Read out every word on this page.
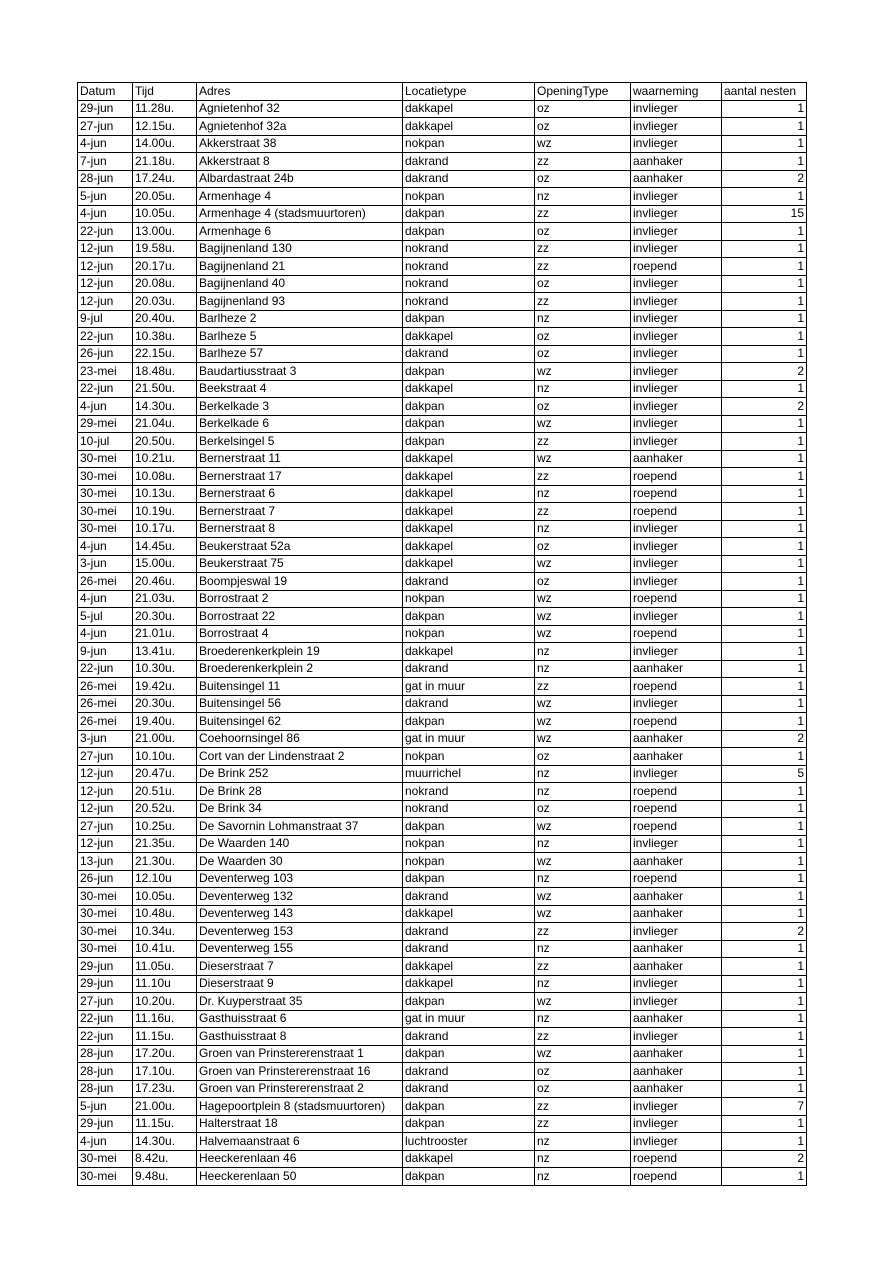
Datum	Tijd	Adres	Locatietype	OpeningType	waarneming	aantal nesten
29-jun	11.28u.	Agnietenhof 32	dakkapel	oz	invlieger	1
27-jun	12.15u.	Agnietenhof 32a	dakkapel	oz	invlieger	1
4-jun	14.00u.	Akkerstraat 38	nokpan	wz	invlieger	1
7-jun	21.18u.	Akkerstraat 8	dakrand	zz	aanhaker	1
28-jun	17.24u.	Albardastraat 24b	dakrand	oz	aanhaker	2
5-jun	20.05u.	Armenhage 4	nokpan	nz	invlieger	1
4-jun	10.05u.	Armenhage 4 (stadsmuurtoren)	dakpan	zz	invlieger	15
22-jun	13.00u.	Armenhage 6	dakpan	oz	invlieger	1
12-jun	19.58u.	Bagijnenland 130	nokrand	zz	invlieger	1
12-jun	20.17u.	Bagijnenland 21	nokrand	zz	roepend	1
12-jun	20.08u.	Bagijnenland 40	nokrand	oz	invlieger	1
12-jun	20.03u.	Bagijnenland 93	nokrand	zz	invlieger	1
9-jul	20.40u.	Barlheze 2	dakpan	nz	invlieger	1
22-jun	10.38u.	Barlheze 5	dakkapel	oz	invlieger	1
26-jun	22.15u.	Barlheze 57	dakrand	oz	invlieger	1
23-mei	18.48u.	Baudartiusstraat 3	dakpan	wz	invlieger	2
22-jun	21.50u.	Beekstraat 4	dakkapel	nz	invlieger	1
4-jun	14.30u.	Berkelkade 3	dakpan	oz	invlieger	2
29-mei	21.04u.	Berkelkade 6	dakpan	wz	invlieger	1
10-jul	20.50u.	Berkelsingel 5	dakpan	zz	invlieger	1
30-mei	10.21u.	Bernerstraat 11	dakkapel	wz	aanhaker	1
30-mei	10.08u.	Bernerstraat 17	dakkapel	zz	roepend	1
30-mei	10.13u.	Bernerstraat 6	dakkapel	nz	roepend	1
30-mei	10.19u.	Bernerstraat 7	dakkapel	zz	roepend	1
30-mei	10.17u.	Bernerstraat 8	dakkapel	nz	invlieger	1
4-jun	14.45u.	Beukerstraat 52a	dakkapel	oz	invlieger	1
3-jun	15.00u.	Beukerstraat 75	dakkapel	wz	invlieger	1
26-mei	20.46u.	Boompjeswal 19	dakrand	oz	invlieger	1
4-jun	21.03u.	Borrostraat 2	nokpan	wz	roepend	1
5-jul	20.30u.	Borrostraat 22	dakpan	wz	invlieger	1
4-jun	21.01u.	Borrostraat 4	nokpan	wz	roepend	1
9-jun	13.41u.	Broederenkerkplein 19	dakkapel	nz	invlieger	1
22-jun	10.30u.	Broederenkerkplein 2	dakrand	nz	aanhaker	1
26-mei	19.42u.	Buitensingel 11	gat in muur	zz	roepend	1
26-mei	20.30u.	Buitensingel 56	dakrand	wz	invlieger	1
26-mei	19.40u.	Buitensingel 62	dakpan	wz	roepend	1
3-jun	21.00u.	Coehoornsingel 86	gat in muur	wz	aanhaker	2
27-jun	10.10u.	Cort van der Lindenstraat 2	nokpan	oz	aanhaker	1
12-jun	20.47u.	De Brink 252	muurrichel	nz	invlieger	5
12-jun	20.51u.	De Brink 28	nokrand	nz	roepend	1
12-jun	20.52u.	De Brink 34	nokrand	oz	roepend	1
27-jun	10.25u.	De Savornin Lohmanstraat 37	dakpan	wz	roepend	1
12-jun	21.35u.	De Waarden 140	nokpan	nz	invlieger	1
13-jun	21.30u.	De Waarden 30	nokpan	wz	aanhaker	1
26-jun	12.10u	Deventerweg 103	dakpan	nz	roepend	1
30-mei	10.05u.	Deventerweg 132	dakrand	wz	aanhaker	1
30-mei	10.48u.	Deventerweg 143	dakkapel	wz	aanhaker	1
30-mei	10.34u.	Deventerweg 153	dakrand	zz	invlieger	2
30-mei	10.41u.	Deventerweg 155	dakrand	nz	aanhaker	1
29-jun	11.05u.	Dieserstraat 7	dakkapel	zz	aanhaker	1
29-jun	11.10u	Dieserstraat 9	dakkapel	nz	invlieger	1
27-jun	10.20u.	Dr. Kuyperstraat 35	dakpan	wz	invlieger	1
22-jun	11.16u.	Gasthuisstraat 6	gat in muur	nz	aanhaker	1
22-jun	11.15u.	Gasthuisstraat 8	dakrand	zz	invlieger	1
28-jun	17.20u.	Groen van Prinstererenstraat 1	dakpan	wz	aanhaker	1
28-jun	17.10u.	Groen van Prinstererenstraat 16	dakrand	oz	aanhaker	1
28-jun	17.23u.	Groen van Prinstererenstraat 2	dakrand	oz	aanhaker	1
5-jun	21.00u.	Hagepoortplein 8 (stadsmuurtoren)	dakpan	zz	invlieger	7
29-jun	11.15u.	Halterstraat 18	dakpan	zz	invlieger	1
4-jun	14.30u.	Halvemaanstraat 6	luchtrooster	nz	invlieger	1
30-mei	8.42u.	Heeckerenlaan 46	dakkapel	nz	roepend	2
30-mei	9.48u.	Heeckerenlaan 50	dakpan	nz	roepend	1
